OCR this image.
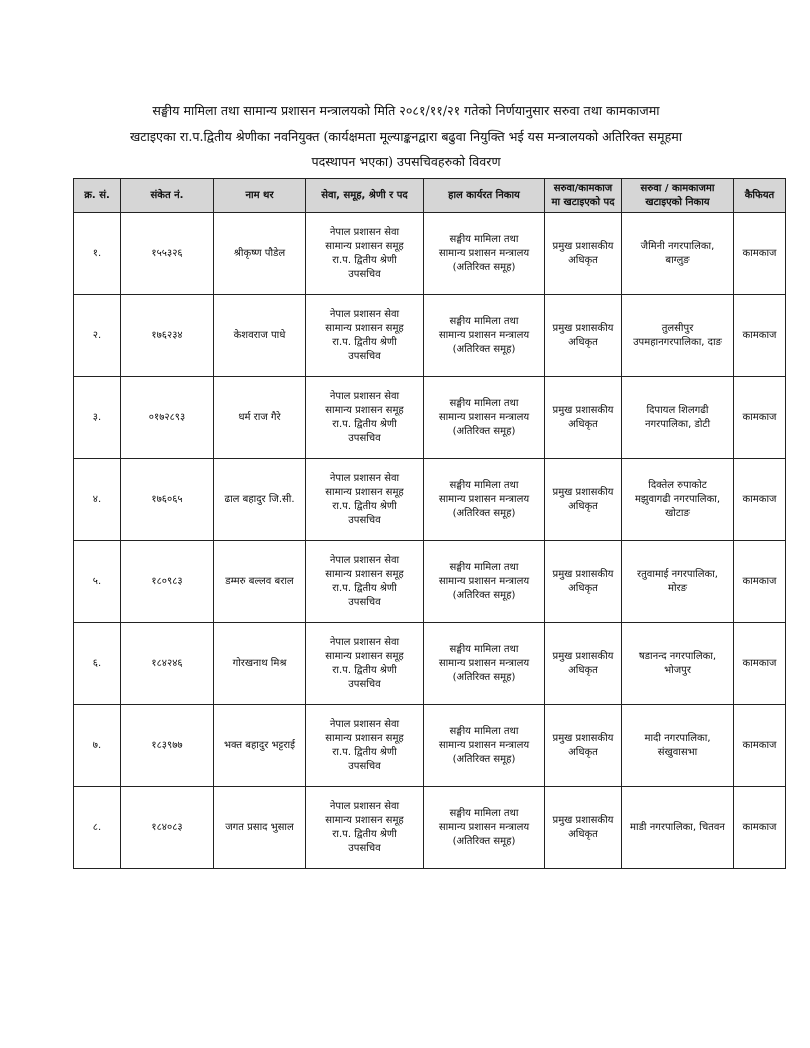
सङ्घीय मामिला तथा सामान्य प्रशासन मन्त्रालयको मिति २०८१/११/२१ गतेको निर्णयानुसार सरुवा तथा कामकाजमा
खटाइएका रा.प.द्वितीय श्रेणीका नवनियुक्त (कार्यक्षमता मूल्याङ्कनद्वारा बढुवा नियुक्ति भई यस मन्त्रालयको अतिरिक्त समूहमा
पदस्थापन भएका) उपसचिवहरुको विवरण
क्र. सं.	संकेत नं.	नाम थर	सेवा, समूह, श्रेणी र पद	हाल कार्यरत निकाय	सरुवा/कामकाज
मा खटाइएको पद	सरुवा / कामकाजमा
खटाइएको निकाय	कैफियत
१.	१५५३२६	श्रीकृष्ण पौडेल	नेपाल प्रशासन सेवा
सामान्य प्रशासन समूह
रा.प. द्वितीय श्रेणी
उपसचिव	सङ्घीय मामिला तथा
सामान्य प्रशासन मन्त्रालय
(अतिरिक्त समूह)	प्रमुख प्रशासकीय
अधिकृत	जैमिनी नगरपालिका,
बाग्लुङ	कामकाज
२.	१७६२३४	केशवराज पाधे	नेपाल प्रशासन सेवा
सामान्य प्रशासन समूह
रा.प. द्वितीय श्रेणी
उपसचिव	सङ्घीय मामिला तथा
सामान्य प्रशासन मन्त्रालय
(अतिरिक्त समूह)	प्रमुख प्रशासकीय
अधिकृत	तुलसीपुर
उपमहानगरपालिका, दाङ	कामकाज
३.	०१७२८९३	धर्म राज गैरे	नेपाल प्रशासन सेवा
सामान्य प्रशासन समूह
रा.प. द्वितीय श्रेणी
उपसचिव	सङ्घीय मामिला तथा
सामान्य प्रशासन मन्त्रालय
(अतिरिक्त समूह)	प्रमुख प्रशासकीय
अधिकृत	दिपायल शिलगढी
नगरपालिका, डोटी	कामकाज
४.	१७६०६५	ढाल बहादुर जि.सी.	नेपाल प्रशासन सेवा
सामान्य प्रशासन समूह
रा.प. द्वितीय श्रेणी
उपसचिव	सङ्घीय मामिला तथा
सामान्य प्रशासन मन्त्रालय
(अतिरिक्त समूह)	प्रमुख प्रशासकीय
अधिकृत	दिक्तेल रुपाकोट
मझुवागढी नगरपालिका,
खोटाङ	कामकाज
५.	१८०९८३	डम्मरु बल्लव बराल	नेपाल प्रशासन सेवा
सामान्य प्रशासन समूह
रा.प. द्वितीय श्रेणी
उपसचिव	सङ्घीय मामिला तथा
सामान्य प्रशासन मन्त्रालय
(अतिरिक्त समूह)	प्रमुख प्रशासकीय
अधिकृत	रतुवामाई नगरपालिका,
मोरङ	कामकाज
६.	१८४२४६	गोरखनाथ मिश्र	नेपाल प्रशासन सेवा
सामान्य प्रशासन समूह
रा.प. द्वितीय श्रेणी
उपसचिव	सङ्घीय मामिला तथा
सामान्य प्रशासन मन्त्रालय
(अतिरिक्त समूह)	प्रमुख प्रशासकीय
अधिकृत	षडानन्द नगरपालिका,
भोजपुर	कामकाज
७.	१८३९७७	भक्त बहादुर भट्टराई	नेपाल प्रशासन सेवा
सामान्य प्रशासन समूह
रा.प. द्वितीय श्रेणी
उपसचिव	सङ्घीय मामिला तथा
सामान्य प्रशासन मन्त्रालय
(अतिरिक्त समूह)	प्रमुख प्रशासकीय
अधिकृत	मादी नगरपालिका,
संखुवासभा	कामकाज
८.	१८४०८३	जगत प्रसाद भुसाल	नेपाल प्रशासन सेवा
सामान्य प्रशासन समूह
रा.प. द्वितीय श्रेणी
उपसचिव	सङ्घीय मामिला तथा
सामान्य प्रशासन मन्त्रालय
(अतिरिक्त समूह)	प्रमुख प्रशासकीय
अधिकृत	माडी नगरपालिका, चितवन	कामकाज
